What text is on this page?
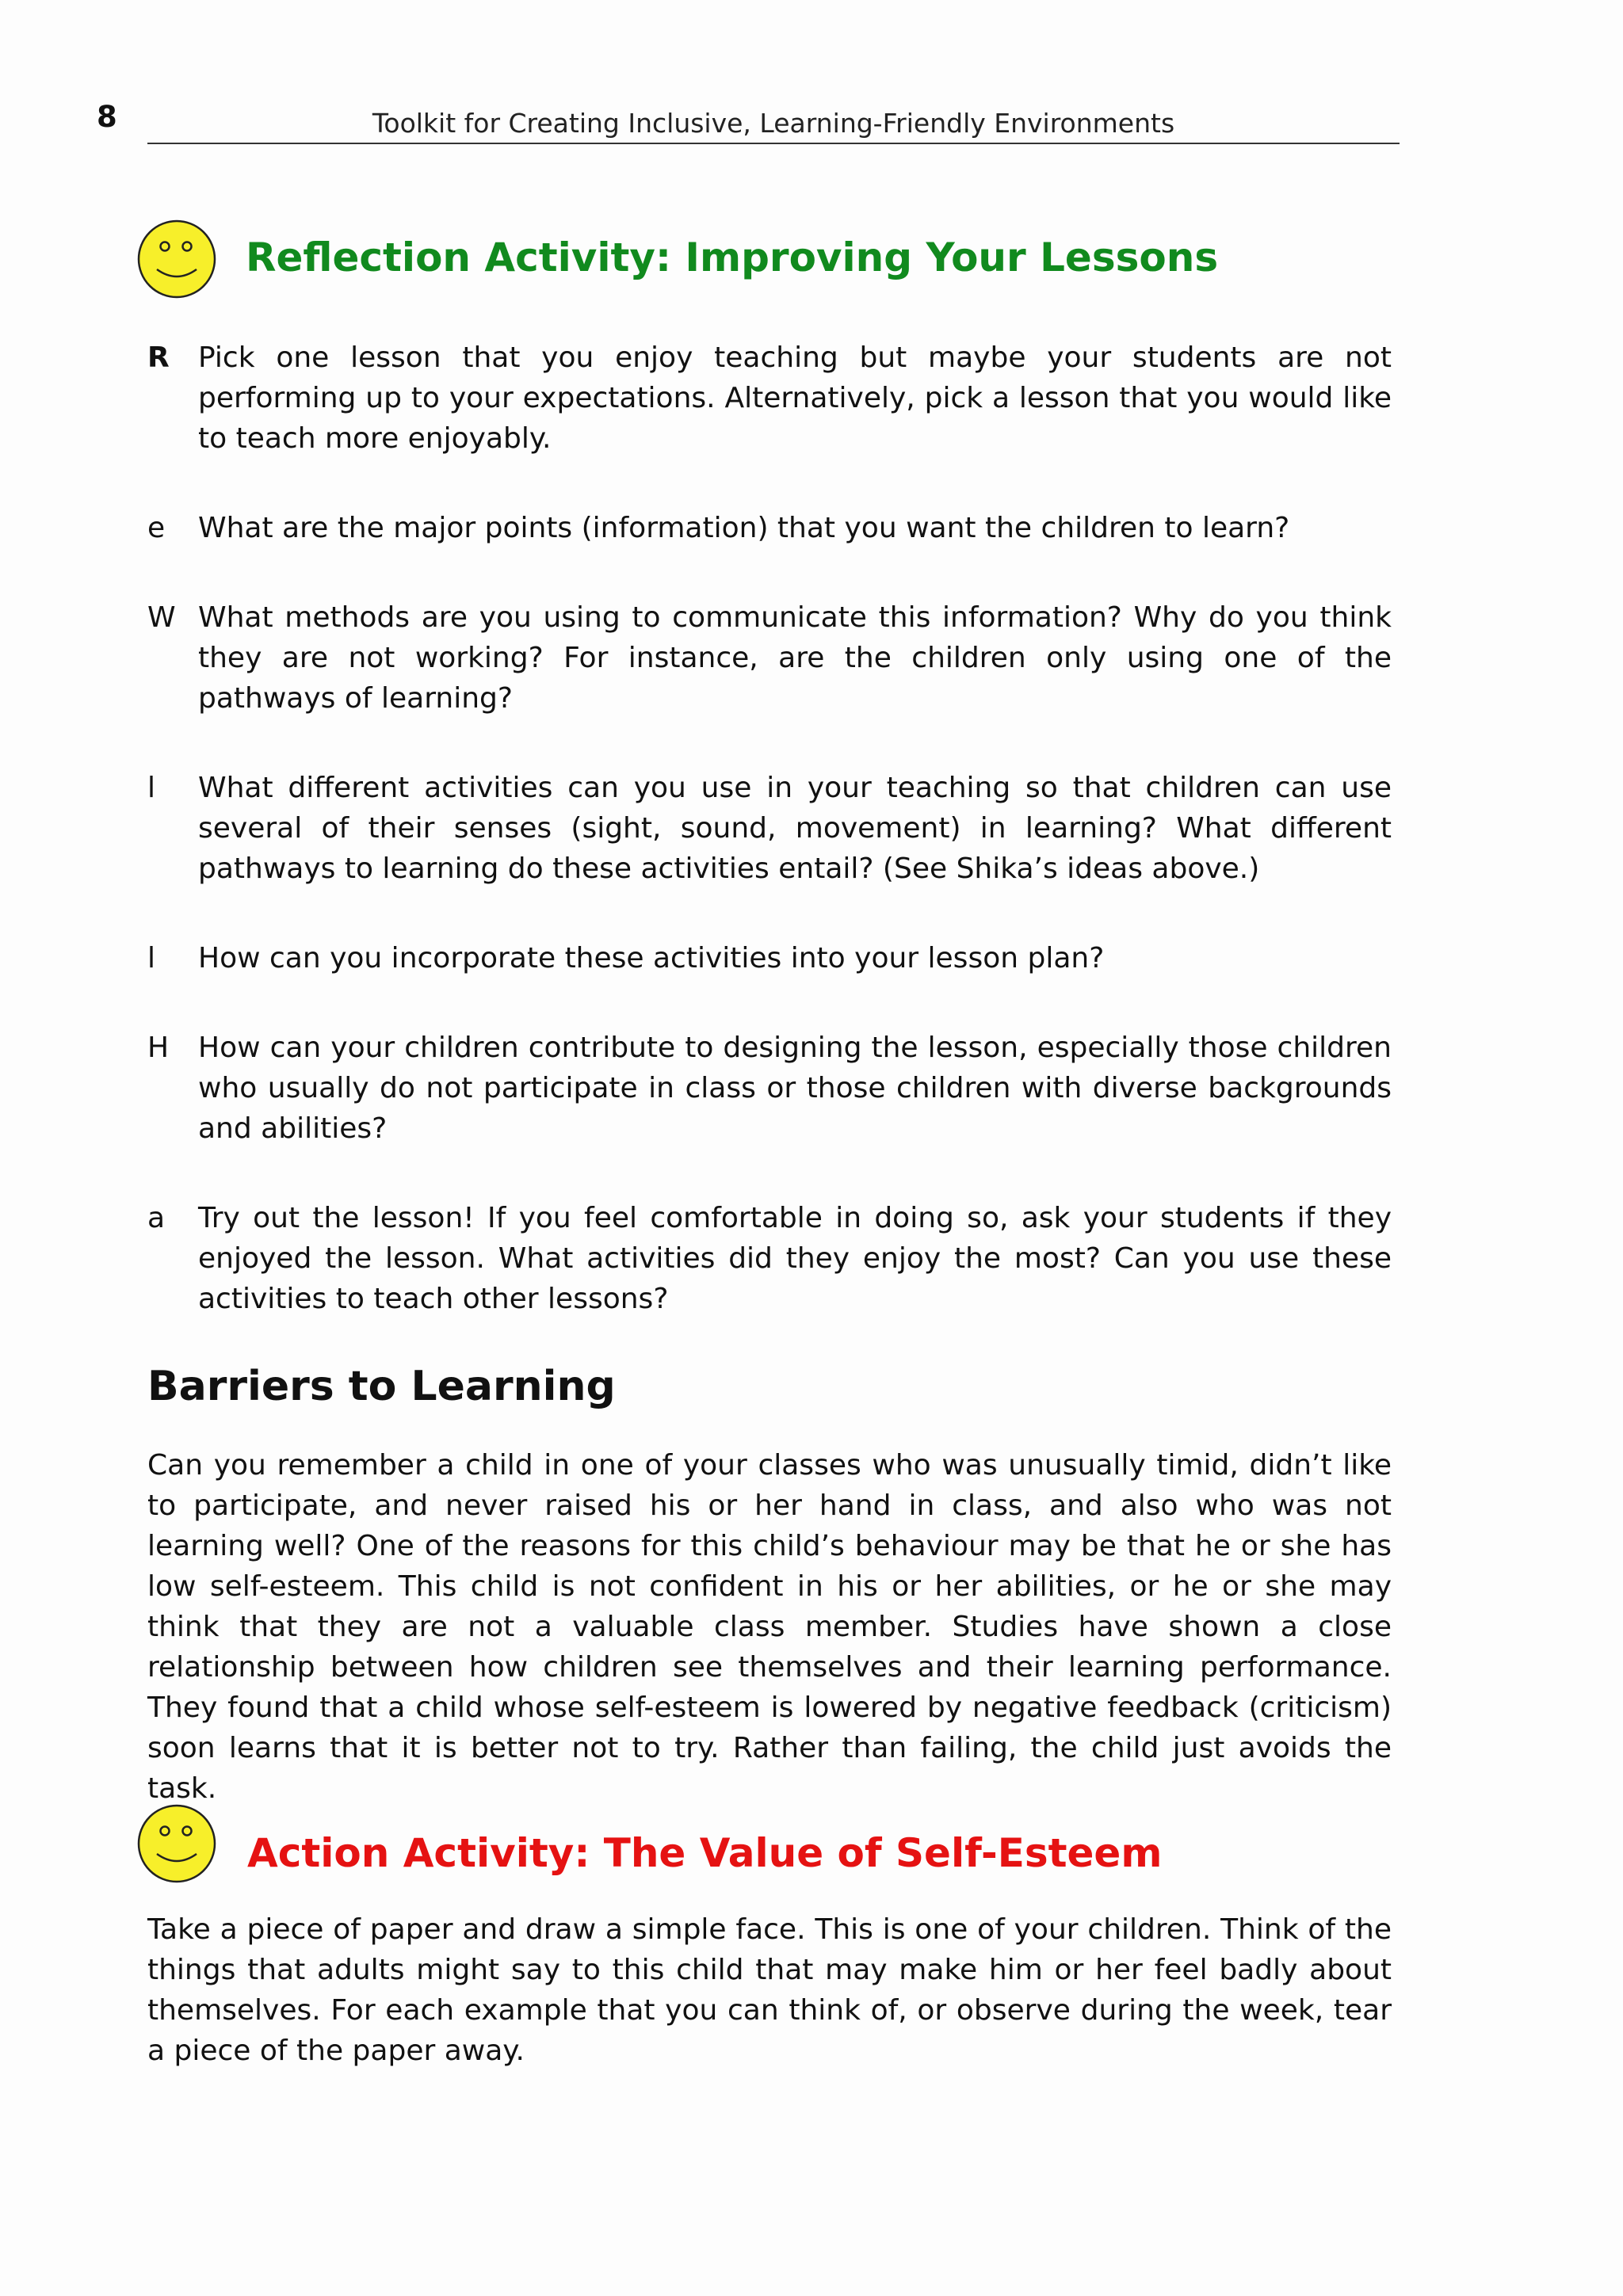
8	Toolkit for Creating Inclusive, Learning-Friendly Environments
Reflection Activity: Improving Your Lessons
R	Pick one lesson that you enjoy teaching but maybe your students are not performing up to your expectations. Alternatively, pick a lesson that you would like to teach more enjoyably.

e	What are the major points (information) that you want the children to learn?

W What methods are you using to communicate this information? Why do you think they are not working? For instance, are the children only using one of the pathways of learning?

l	What different activities can you use in your teaching so that children can use several of their senses (sight, sound, movement) in learning? What different pathways to learning do these activities entail? (See Shika’s ideas above.)

l	How can you incorporate these activities into your lesson plan?

H	How can your children contribute to designing the lesson, especially those children who usually do not participate in class or those children with diverse backgrounds and abilities?

a	Try out the lesson! If you feel comfortable in doing so, ask your students if they enjoyed the lesson. What activities did they enjoy the most? Can you use these activities to teach other lessons?

Barriers to Learning

Can you remember a child in one of your classes who was unusually timid, didn’t like to participate, and never raised his or her hand in class, and also who was not learning well? One of the reasons for this child’s behaviour may be that he or she has low self-esteem. This child is not confident in his or her abilities, or he or she may think that they are not a valuable class member. Studies have shown a close relationship between how children see themselves and their learning performance. They found that a child whose self-esteem is lowered by negative feedback (criticism) soon learns that it is better not to try. Rather than failing, the child just avoids the task.

Action Activity: The Value of Self-Esteem

Take a piece of paper and draw a simple face. This is one of your children. Think of the things that adults might say to this child that may make him or her feel badly about themselves. For each example that you can think of, or observe during the week, tear a piece of the paper away.
